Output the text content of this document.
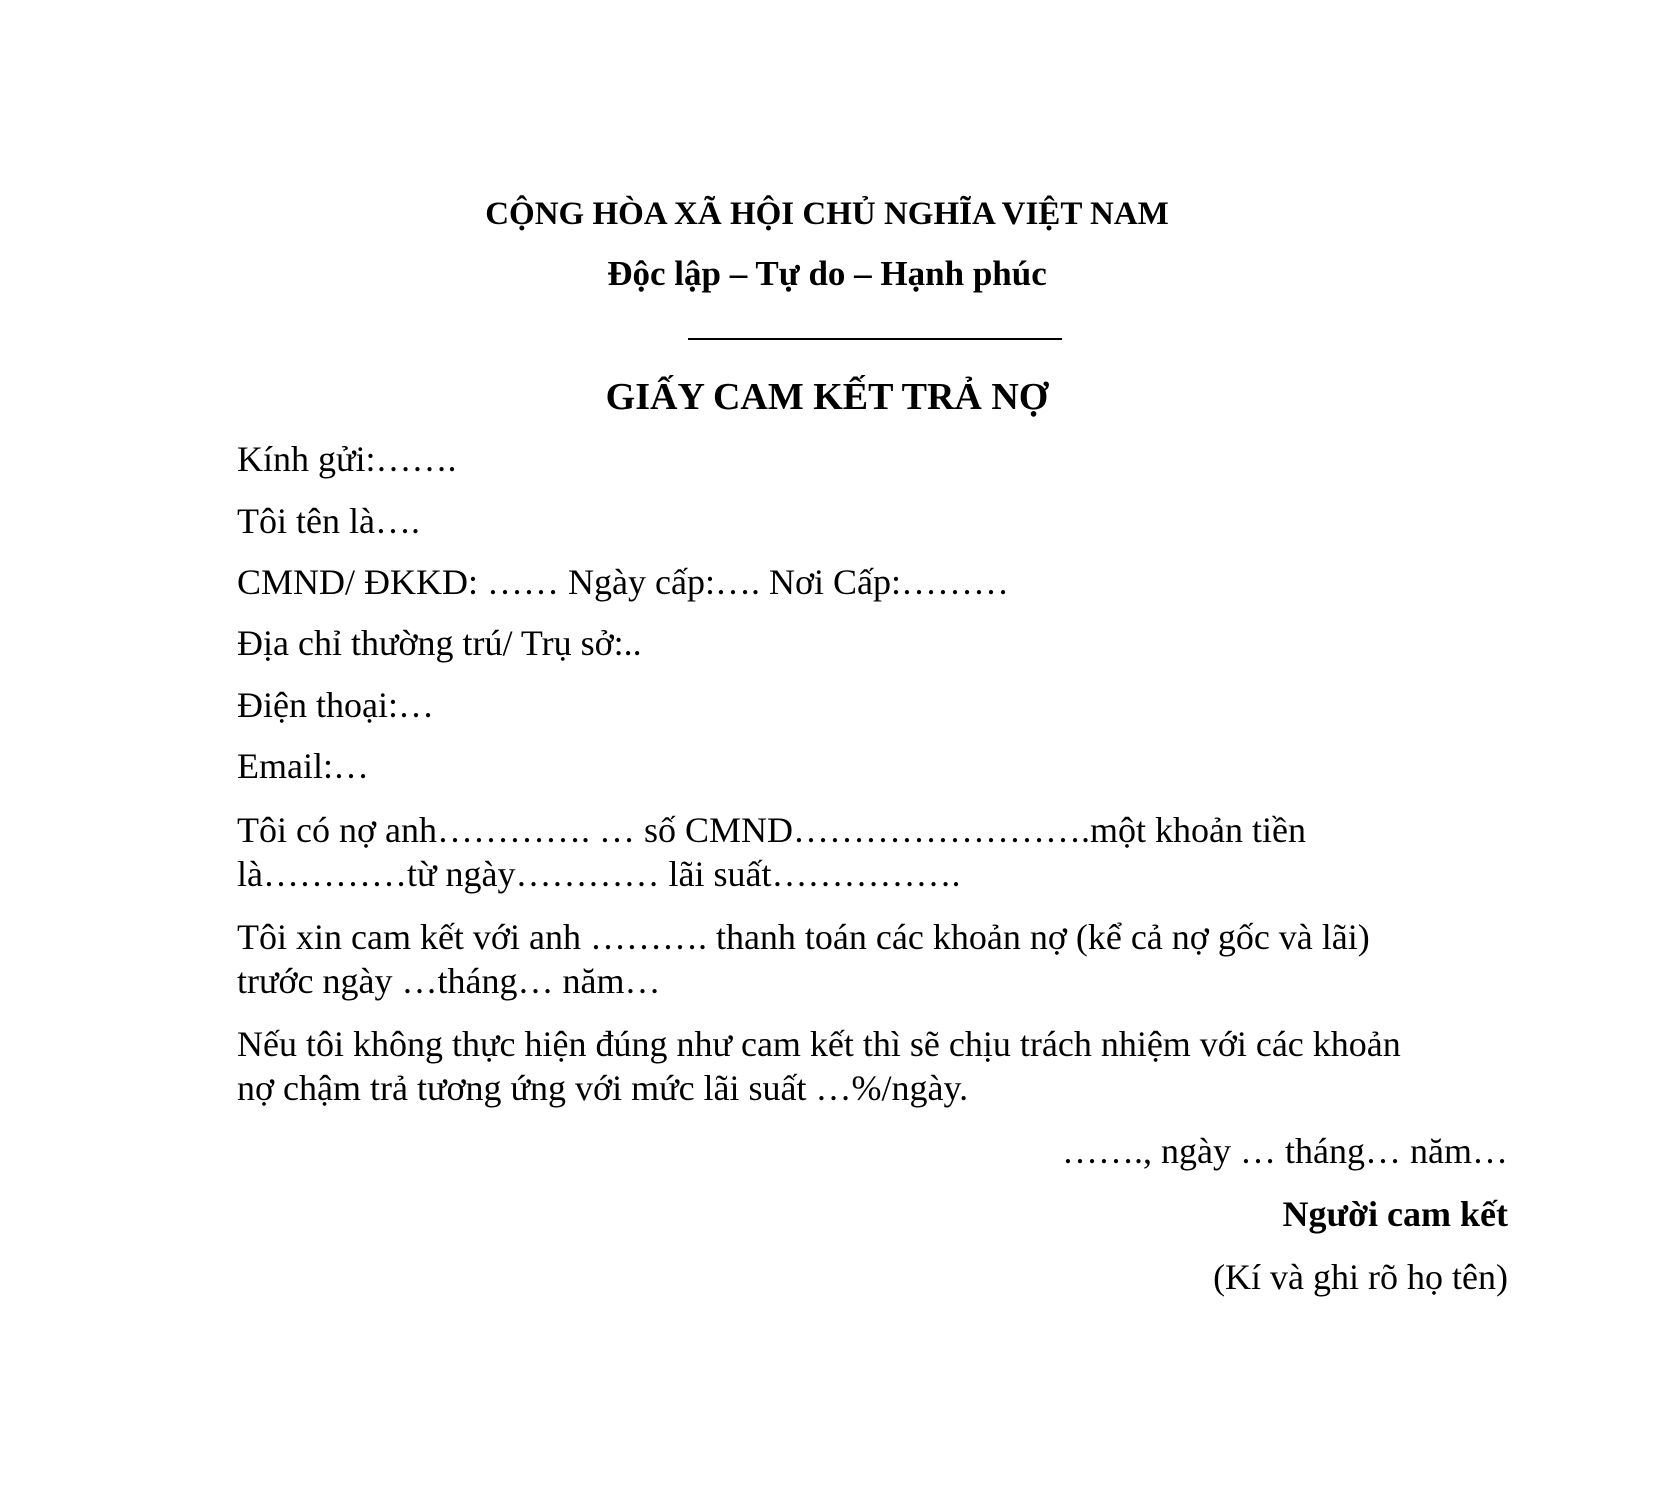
CỘNG HÒA XÃ HỘI CHỦ NGHĨA VIỆT NAM
Độc lập – Tự do – Hạnh phúc
GIẤY CAM KẾT TRẢ NỢ
Kính gửi:…….
Tôi tên là….
CMND/ ĐKKD: …… Ngày cấp:…. Nơi Cấp:………
Địa chỉ thường trú/ Trụ sở:..
Điện thoại:…
Email:…
Tôi có nợ anh…………. … số CMND…………………….một khoản tiền
là…………từ ngày………… lãi suất…………….
Tôi xin cam kết với anh ………. thanh toán các khoản nợ (kể cả nợ gốc và lãi)
trước ngày …tháng… năm…
Nếu tôi không thực hiện đúng như cam kết thì sẽ chịu trách nhiệm với các khoản
nợ chậm trả tương ứng với mức lãi suất …%/ngày.
……., ngày … tháng… năm…
Người cam kết
(Kí và ghi rõ họ tên)
